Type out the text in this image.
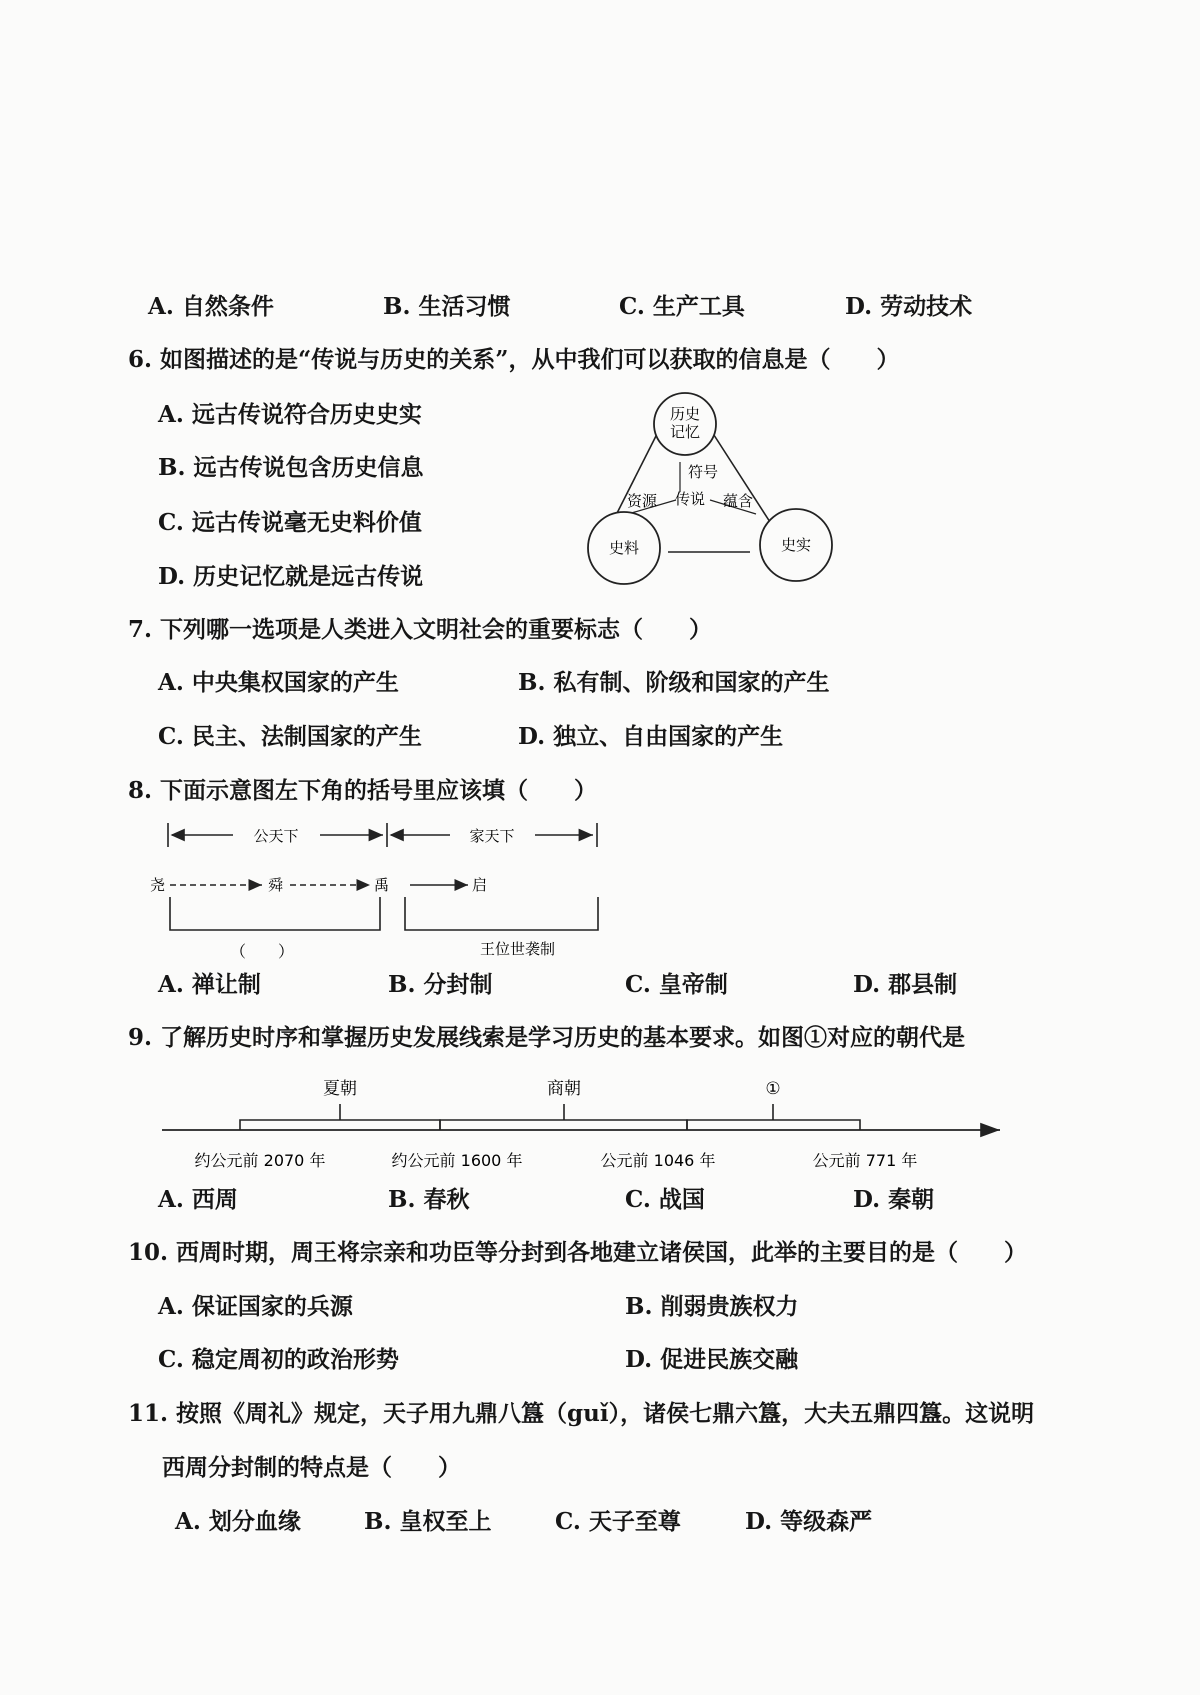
A. 自然条件	B. 生活习惯	C. 生产工具	D. 劳动技术
6. 如图描述的是“传说与历史的关系”，从中我们可以获取的信息是（　　）
A. 远古传说符合历史史实
B. 远古传说包含历史信息
C. 远古传说毫无史料价值
D. 历史记忆就是远古传说
历史
记忆
史料	史实
符号
资源 传说 蕴含
7. 下列哪一选项是人类进入文明社会的重要标志（　　）
A. 中央集权国家的产生	B. 私有制、阶级和国家的产生
C. 民主、法制国家的产生	D. 独立、自由国家的产生
8. 下面示意图左下角的括号里应该填（　　）
公天下	家天下
尧	舜	禹	启
（　　）	王位世袭制
A. 禅让制	B. 分封制	C. 皇帝制	D. 郡县制
9. 了解历史时序和掌握历史发展线索是学习历史的基本要求。如图①对应的朝代是
夏朝	商朝	①
约公元前 2070 年	约公元前 1600 年	公元前 1046 年	公元前 771 年
A. 西周	B. 春秋	C. 战国	D. 秦朝
10. 西周时期，周王将宗亲和功臣等分封到各地建立诸侯国，此举的主要目的是（　　）
A. 保证国家的兵源	B. 削弱贵族权力
C. 稳定周初的政治形势	D. 促进民族交融
11. 按照《周礼》规定，天子用九鼎八簋（guǐ），诸侯七鼎六簋，大夫五鼎四簋。这说明
西周分封制的特点是（　　）
A. 划分血缘	B. 皇权至上	C. 天子至尊	D. 等级森严
